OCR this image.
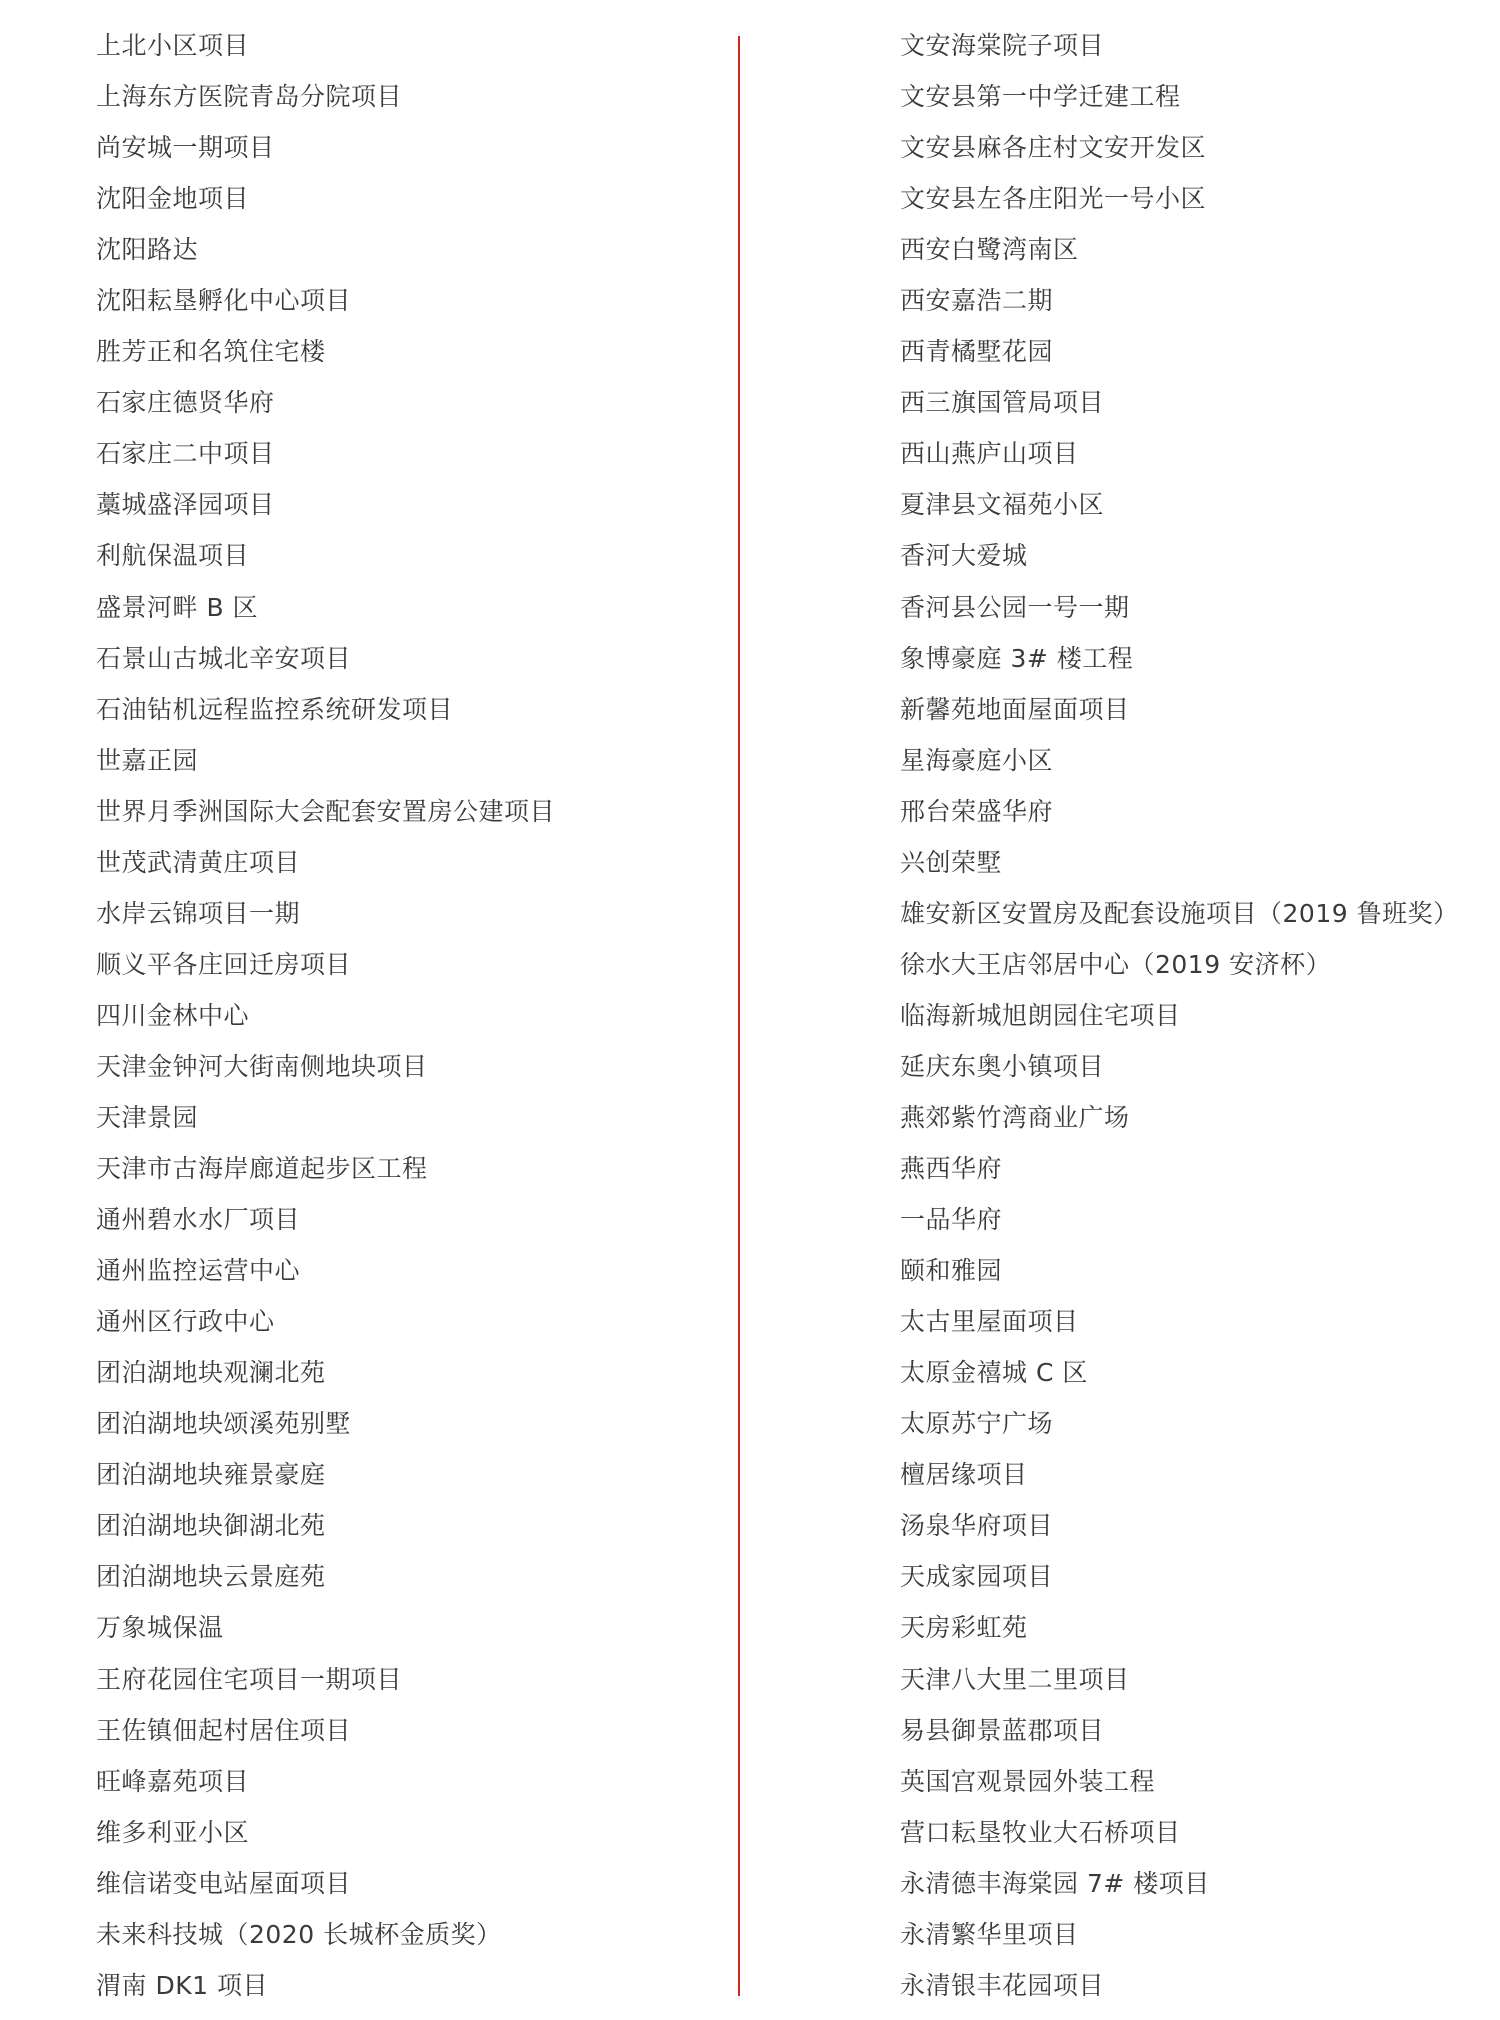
上北小区项目
上海东方医院青岛分院项目
尚安城一期项目
沈阳金地项目
沈阳路达
沈阳耘垦孵化中心项目
胜芳正和名筑住宅楼
石家庄德贤华府
石家庄二中项目
藁城盛泽园项目
利航保温项目
盛景河畔 B 区
石景山古城北辛安项目
石油钻机远程监控系统研发项目
世嘉正园
世界月季洲国际大会配套安置房公建项目
世茂武清黄庄项目
水岸云锦项目一期
顺义平各庄回迁房项目
四川金林中心
天津金钟河大街南侧地块项目
天津景园
天津市古海岸廊道起步区工程
通州碧水水厂项目
通州监控运营中心
通州区行政中心
团泊湖地块观澜北苑
团泊湖地块颂溪苑别墅
团泊湖地块雍景豪庭
团泊湖地块御湖北苑
团泊湖地块云景庭苑
万象城保温
王府花园住宅项目一期项目
王佐镇佃起村居住项目
旺峰嘉苑项目
维多利亚小区
维信诺变电站屋面项目
未来科技城（2020 长城杯金质奖）
渭南 DK1 项目
文安海棠院子项目
文安县第一中学迁建工程
文安县麻各庄村文安开发区
文安县左各庄阳光一号小区
西安白鹭湾南区
西安嘉浩二期
西青橘墅花园
西三旗国管局项目
西山燕庐山项目
夏津县文福苑小区
香河大爱城
香河县公园一号一期
象博豪庭 3# 楼工程
新馨苑地面屋面项目
星海豪庭小区
邢台荣盛华府
兴创荣墅
雄安新区安置房及配套设施项目（2019 鲁班奖）
徐水大王店邻居中心（2019 安济杯）
临海新城旭朗园住宅项目
延庆东奥小镇项目
燕郊紫竹湾商业广场
燕西华府
一品华府
颐和雅园
太古里屋面项目
太原金禧城 C 区
太原苏宁广场
檀居缘项目
汤泉华府项目
天成家园项目
天房彩虹苑
天津八大里二里项目
易县御景蓝郡项目
英国宫观景园外装工程
营口耘垦牧业大石桥项目
永清德丰海棠园 7# 楼项目
永清繁华里项目
永清银丰花园项目
